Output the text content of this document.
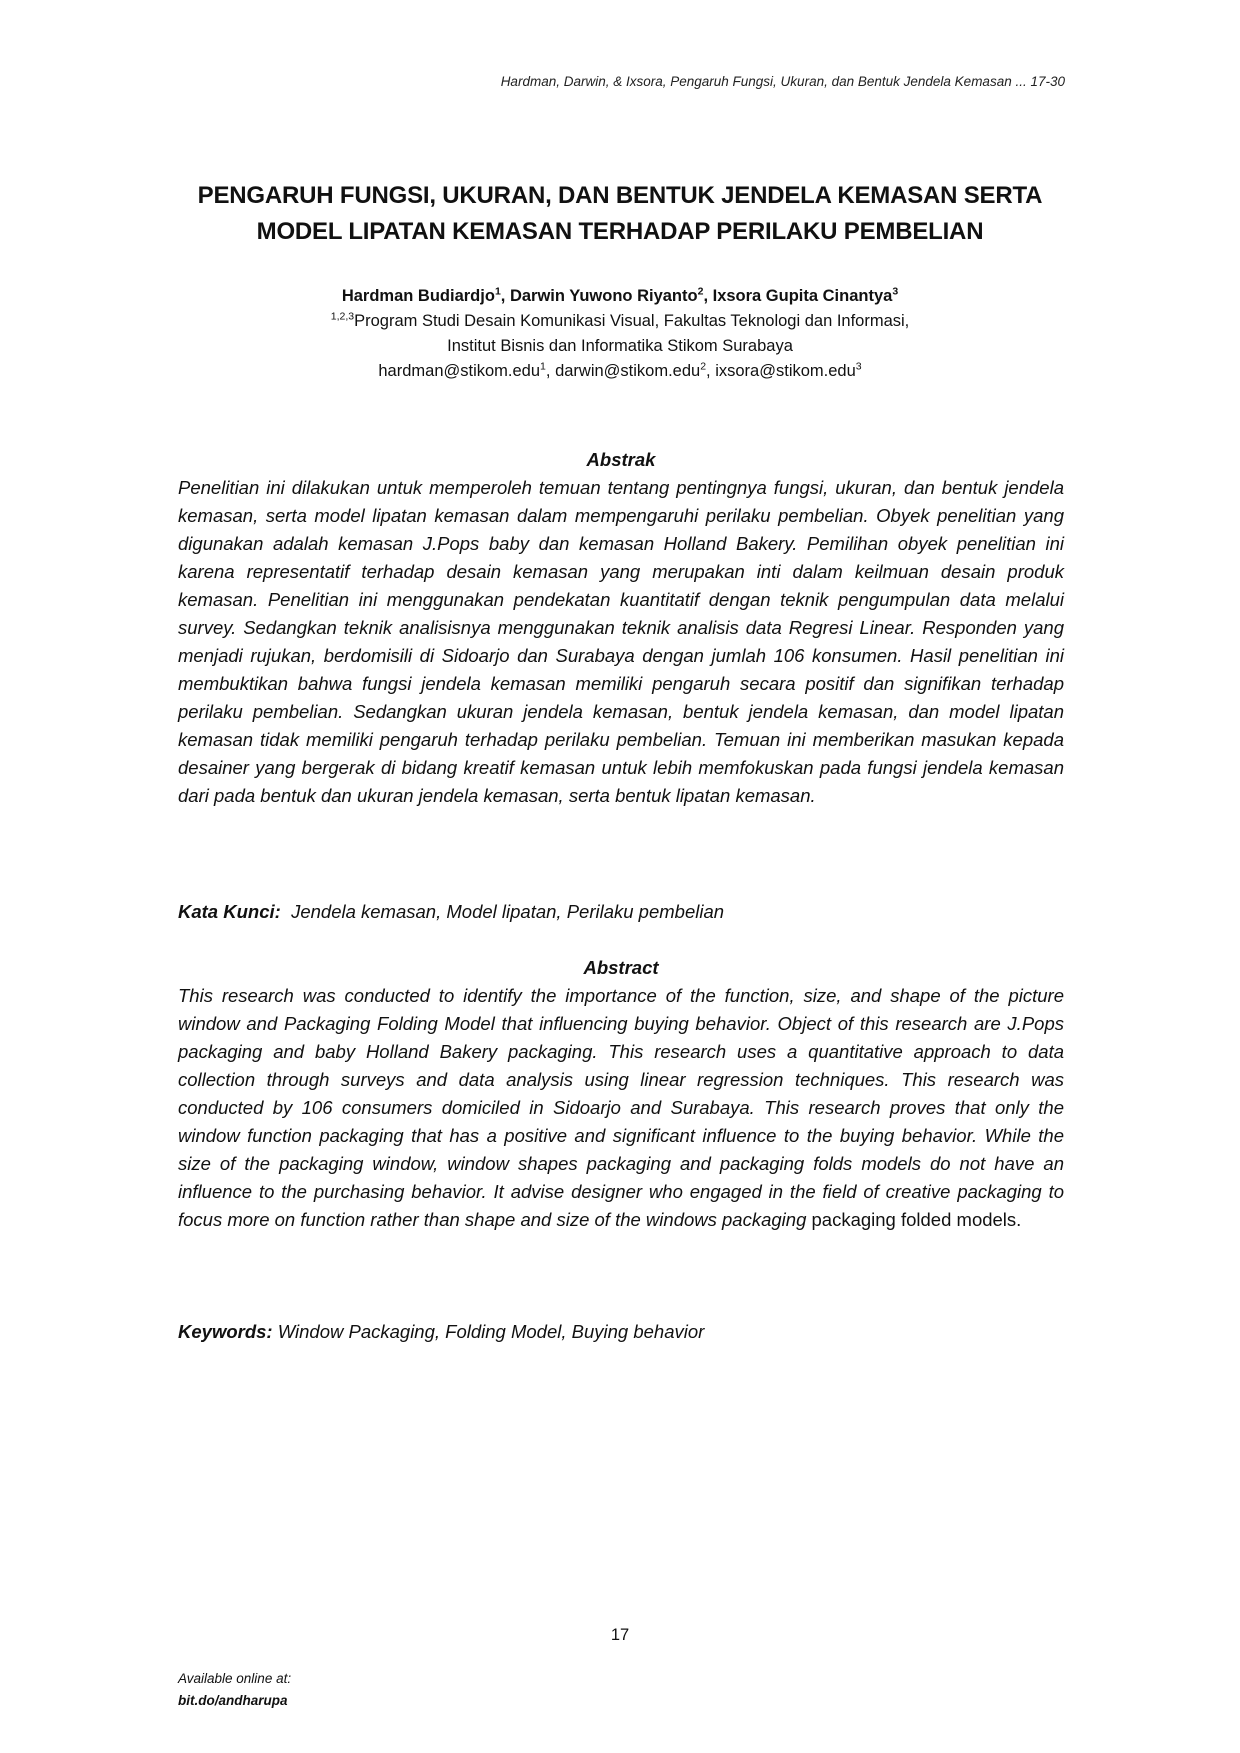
Hardman, Darwin, & Ixsora, Pengaruh Fungsi, Ukuran, dan Bentuk Jendela Kemasan ... 17-30
PENGARUH FUNGSI, UKURAN, DAN BENTUK JENDELA KEMASAN SERTA
MODEL LIPATAN KEMASAN TERHADAP PERILAKU PEMBELIAN
Hardman Budiardjo$^1$, Darwin Yuwono Riyanto$^2$, Ixsora Gupita Cinantya$^3$
$^{1,2,3}$Program Studi Desain Komunikasi Visual, Fakultas Teknologi dan Informasi,
Institut Bisnis dan Informatika Stikom Surabaya
hardman@stikom.edu$^1$, darwin@stikom.edu$^2$, ixsora@stikom.edu$^3$
Abstrak
Penelitian ini dilakukan untuk memperoleh temuan tentang pentingnya fungsi, ukuran, dan bentuk jendela kemasan, serta model lipatan kemasan dalam mempengaruhi perilaku pembelian. Obyek penelitian yang digunakan adalah kemasan J.Pops baby dan kemasan Holland Bakery. Pemilihan obyek penelitian ini karena representatif terhadap desain kemasan yang merupakan inti dalam keilmuan desain produk kemasan. Penelitian ini menggunakan pendekatan kuantitatif dengan teknik pengumpulan data melalui survey. Sedangkan teknik analisisnya menggunakan teknik analisis data Regresi Linear. Responden yang menjadi rujukan, berdomisili di Sidoarjo dan Surabaya dengan jumlah 106 konsumen. Hasil penelitian ini membuktikan bahwa fungsi jendela kemasan memiliki pengaruh secara positif dan signifikan terhadap perilaku pembelian. Sedangkan ukuran jendela kemasan, bentuk jendela kemasan, dan model lipatan kemasan tidak memiliki pengaruh terhadap perilaku pembelian. Temuan ini memberikan masukan kepada desainer yang bergerak di bidang kreatif kemasan untuk lebih memfokuskan pada fungsi jendela kemasan dari pada bentuk dan ukuran jendela kemasan, serta bentuk lipatan kemasan.
Kata Kunci: Jendela kemasan, Model lipatan, Perilaku pembelian
Abstract
This research was conducted to identify the importance of the function, size, and shape of the picture window and Packaging Folding Model that influencing buying behavior. Object of this research are J.Pops packaging and baby Holland Bakery packaging. This research uses a quantitative approach to data collection through surveys and data analysis using linear regression techniques. This research was conducted by 106 consumers domiciled in Sidoarjo and Surabaya. This research proves that only the window function packaging that has a positive and significant influence to the buying behavior. While the size of the packaging window, window shapes packaging and packaging folds models do not have an influence to the purchasing behavior. It advise designer who engaged in the field of creative packaging to focus more on function rather than shape and size of the windows packaging packaging folded models.
Keywords: Window Packaging, Folding Model, Buying behavior
17
Available online at:
bit.do/andharupa
